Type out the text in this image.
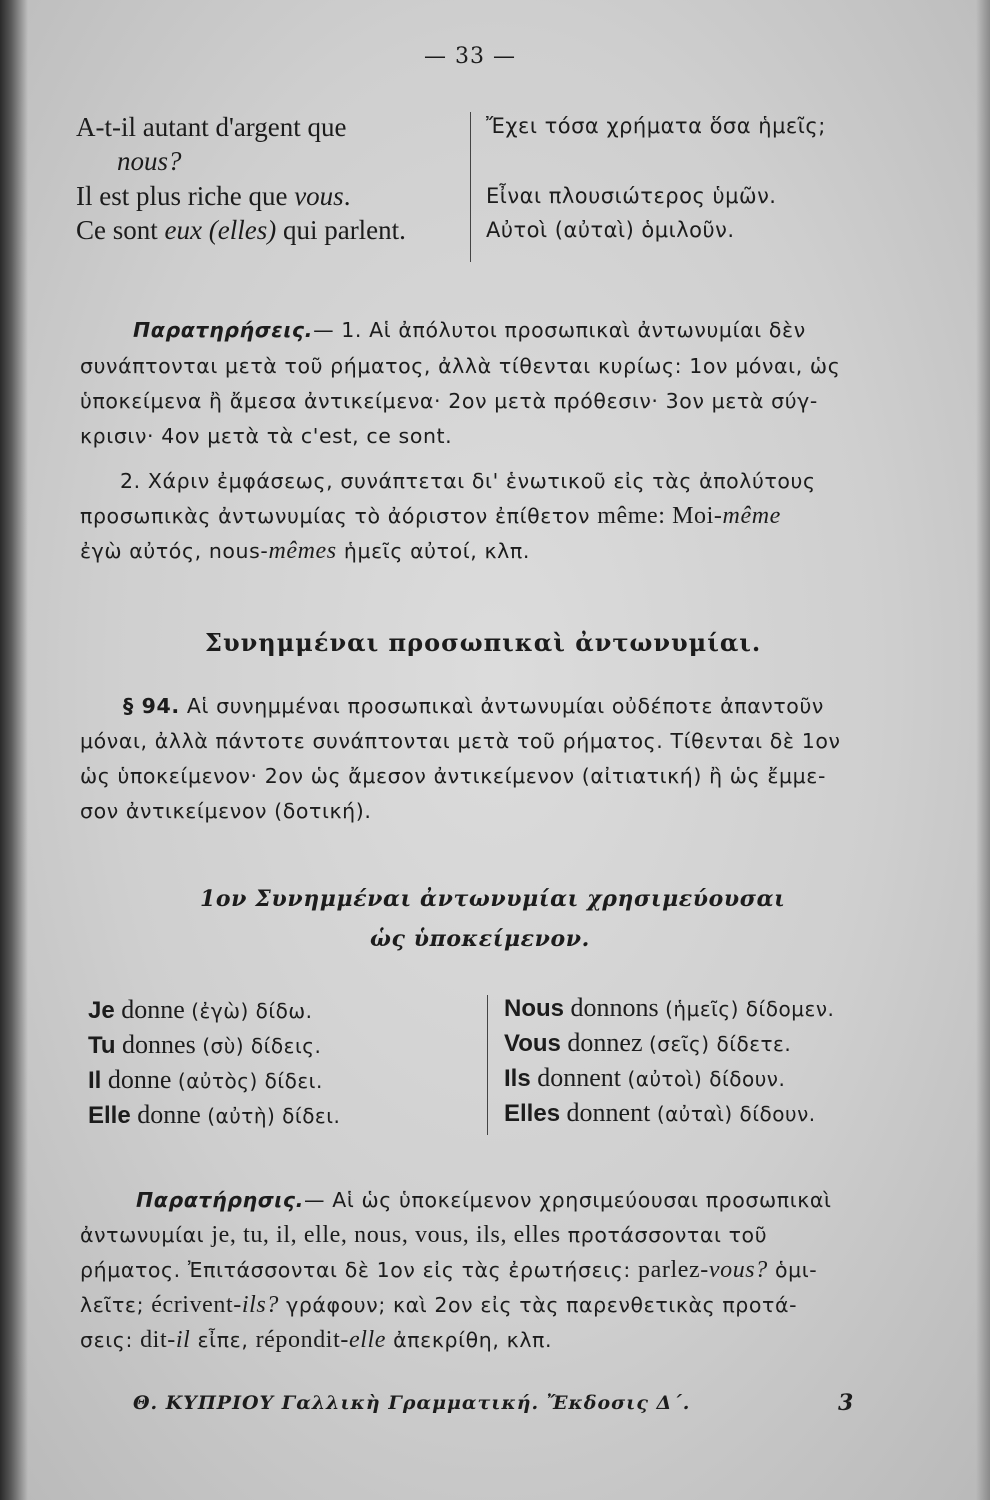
— 33 —
A-t-il autant d'argent que
nous?
Il est plus riche que vous.
Ce sont eux (elles) qui parlent.
Ἔχει τόσα χρήματα ὅσα ἡμεῖς;
Εἶναι πλουσιώτερος ὑμῶν.
Αὐτοὶ (αὐταὶ) ὁμιλοῦν.
Παρατηρήσεις.— 1. Αἱ ἀπόλυτοι προσωπικαὶ ἀντωνυμίαι δὲν
συνάπτονται μετὰ τοῦ ρήματος, ἀλλὰ τίθενται κυρίως: 1ον μόναι, ὡς
ὑποκείμενα ἢ ἄμεσα ἀντικείμενα· 2ον μετὰ πρόθεσιν· 3ον μετὰ σύγ-
κρισιν· 4ον μετὰ τὰ c'est, ce sont.
2. Χάριν ἐμφάσεως, συνάπτεται δι' ἑνωτικοῦ εἰς τὰς ἀπολύτους
προσωπικὰς ἀντωνυμίας τὸ ἀόριστον ἐπίθετον même: Moi-même
ἐγὼ αὐτός, nous-mêmes ἡμεῖς αὐτοί, κλπ.
Συνημμέναι προσωπικαὶ ἀντωνυμίαι.
§ 94. Αἱ συνημμέναι προσωπικαὶ ἀντωνυμίαι οὐδέποτε ἀπαντοῦν
μόναι, ἀλλὰ πάντοτε συνάπτονται μετὰ τοῦ ρήματος. Τίθενται δὲ 1ον
ὡς ὑποκείμενον· 2ον ὡς ἄμεσον ἀντικείμενον (αἰτιατική) ἢ ὡς ἔμμε-
σον ἀντικείμενον (δοτική).
1ον Συνημμέναι ἀντωνυμίαι χρησιμεύουσαι
ὡς ὑποκείμενον.
Je donne (ἐγὼ) δίδω.
Tu donnes (σὺ) δίδεις.
Il donne (αὐτὸς) δίδει.
Elle donne (αὐτὴ) δίδει.
Nous donnons (ἡμεῖς) δίδομεν.
Vous donnez (σεῖς) δίδετε.
Ils donnent (αὐτοὶ) δίδουν.
Elles donnent (αὐταὶ) δίδουν.
Παρατήρησις.— Αἱ ὡς ὑποκείμενον χρησιμεύουσαι προσωπικαὶ
ἀντωνυμίαι je, tu, il, elle, nous, vous, ils, elles προτάσσονται τοῦ
ρήματος. Ἐπιτάσσονται δὲ 1ον εἰς τὰς ἐρωτήσεις: parlez-vous? ὁμι-
λεῖτε; écrivent-ils? γράφουν; καὶ 2ον εἰς τὰς παρενθετικὰς προτά-
σεις: dit-il εἶπε, répondit-elle ἀπεκρίθη, κλπ.
Θ. ΚΥΠΡΙΟΥ Γαλλικὴ Γραμματική. Ἔκδοσις Δ΄.	3
